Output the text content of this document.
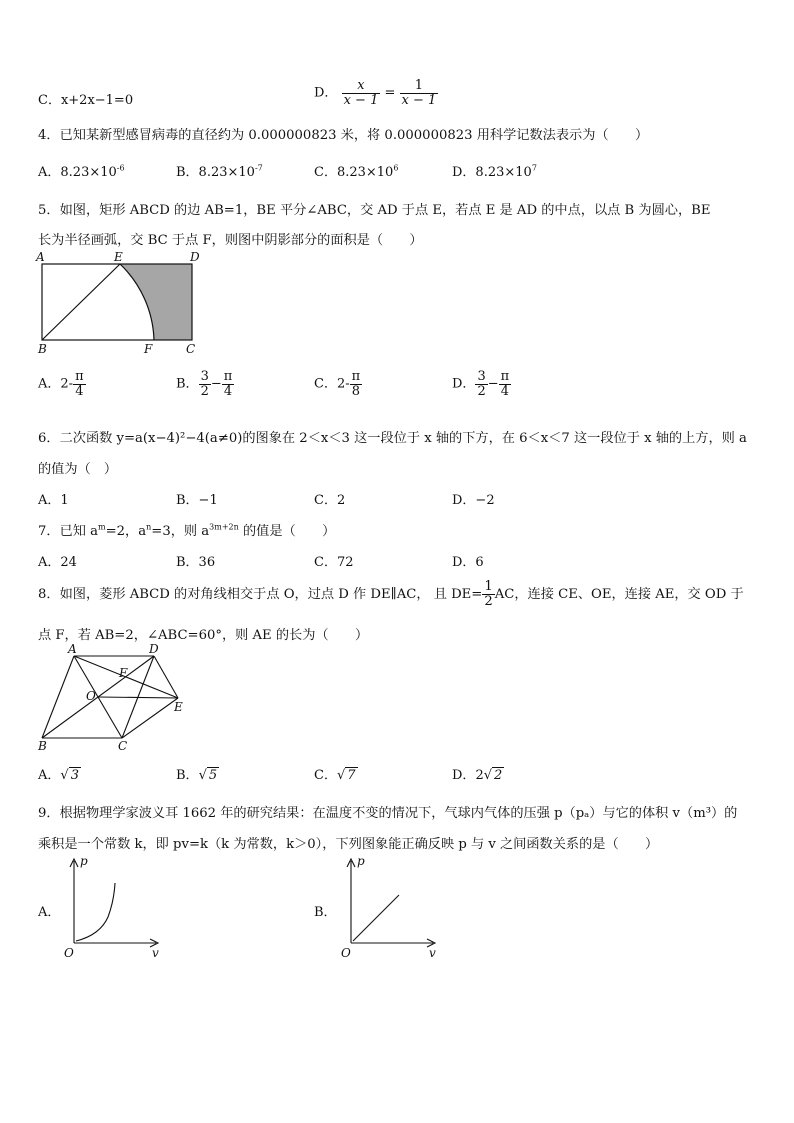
C．x+2x−1=0	D． $\frac{x}{x - 1} = \frac{1}{x - 1}$
4．已知某新型感冒病毒的直径约为 0.000000823 米，将 0.000000823 用科学记数法表示为（　　）
A．$8.23\times 10^{-6}$	B．$8.23\times 10^{-7}$	C．$8.23\times 10^6$	D．$8.23\times 10^7$
5．如图，矩形 ABCD 的边 AB=1，BE 平分∠ABC，交 AD 于点 E，若点 E 是 AD 的中点，以点 B 为圆心，BE
长为半径画弧，交 BC 于点 F，则图中阴影部分的面积是（　　）
A	E	D
B	F	C
A．$2- \frac{\pi}{4}$	B． $\frac{3}{2} - \frac{\pi}{4}$	C．$2- \frac{\pi}{8}$	D． $\frac{3}{2} - \frac{\pi}{4}$
6．二次函数 y=a(x−4)²−4(a≠0)的图象在 2＜x＜3 这一段位于 x 轴的下方，在 6＜x＜7 这一段位于 x 轴的上方，则 a
的值为（　）
A．1	B．−1	C．2	D．−2
7．已知 $a^m=2$，$a^n=3$，则 $a^{3m+2n}$ 的值是（　　）
A．24	B．36	C．72	D．6
8．如图，菱形 ABCD 的对角线相交于点 O，过点 D 作 DE∥AC， 且 $DE= \frac{1}{2}$ AC，连接 CE、OE，连接 AE，交 OD 于
点 F，若 AB=2，∠ABC=60°，则 AE 的长为（　　）
A	D
F
O
E
B	C
A．√ 3	B．√ 5	C．√ 7	D．2√ 2
9．根据物理学家波义耳 1662 年的研究结果：在温度不变的情况下，气球内气体的压强 p（pₐ）与它的体积 v（m³）的
乘积是一个常数 k，即 pv=k（k 为常数，k＞0），下列图象能正确反映 p 与 v 之间函数关系的是（　　）
A．
p
v
O
B．
p
v
O
